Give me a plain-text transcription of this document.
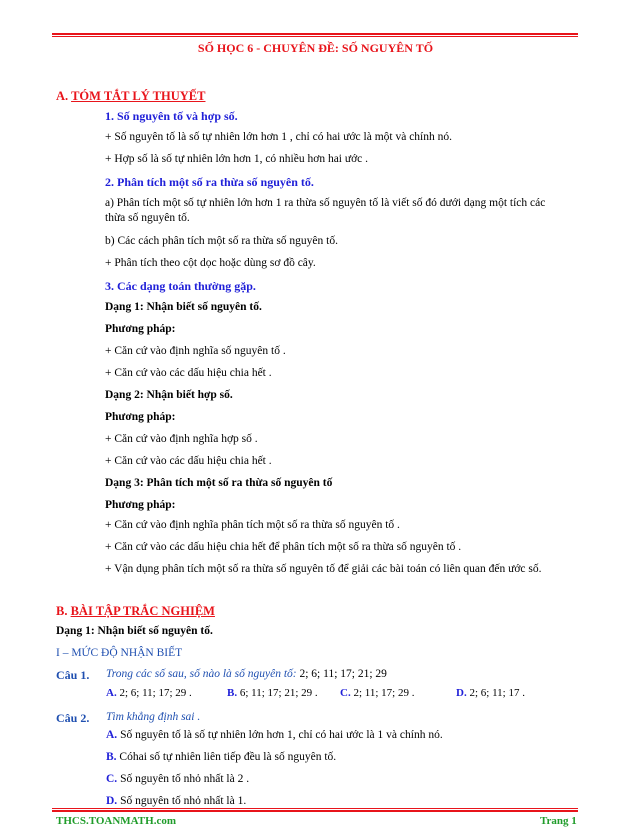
SỐ HỌC 6 - CHUYÊN ĐỀ: SỐ NGUYÊN TỐ
A. TÓM TẮT LÝ THUYẾT
1. Số nguyên tố và hợp số.
+ Số nguyên tố là số tự nhiên lớn hơn 1 , chỉ có hai ước là một và chính nó.
+ Hợp số là số tự nhiên lớn hơn 1, có nhiều hơn hai ước .
2. Phân tích một số ra thừa số nguyên tố.
a) Phân tích một số tự nhiên lớn hơn 1 ra thừa số nguyên tố là viết số đó dưới dạng một tích các
thừa số nguyên tố.
b) Các cách phân tích một số ra thừa số nguyên tố.
+ Phân tích theo cột dọc hoặc dùng sơ đồ cây.
3. Các dạng toán thường gặp.
Dạng 1: Nhận biết số nguyên tố.
Phương pháp:
+ Căn cứ vào định nghĩa số nguyên tố .
+ Căn cứ vào các dấu hiệu chia hết .
Dạng 2: Nhận biết hợp số.
Phương pháp:
+ Căn cứ vào định nghĩa hợp số .
+ Căn cứ vào các dấu hiệu chia hết .
Dạng 3: Phân tích một số ra thừa số nguyên tố
Phương pháp:
+ Căn cứ vào định nghĩa phân tích một số ra thừa số nguyên tố .
+ Căn cứ vào các dấu hiệu chia hết để phân tích một số ra thừa số nguyên tố .
+ Vận dụng phân tích một số ra thừa số nguyên tố để giải các bài toán có liên quan đến ước số.
B. BÀI TẬP TRẮC NGHIỆM
Dạng 1: Nhận biết số nguyên tố.
I – MỨC ĐỘ NHẬN BIẾT
Câu 1. Trong các số sau, số nào là số nguyên tố: 2; 6; 11; 17; 21; 29
A. 2; 6; 11; 17; 29 .	B. 6; 11; 17; 21; 29 . C. 2; 11; 17; 29 .	D. 2; 6; 11; 17 .
Câu 2. Tìm khẳng định sai .
A. Số nguyên tố là số tự nhiên lớn hơn 1, chỉ có hai ước là 1 và chính nó.
B. Cóhai số tự nhiên liên tiếp đều là số nguyên tố.
C. Số nguyên tố nhỏ nhất là 2 .
D. Số nguyên tố nhỏ nhất là 1.
THCS.TOANMATH.com	Trang 1
